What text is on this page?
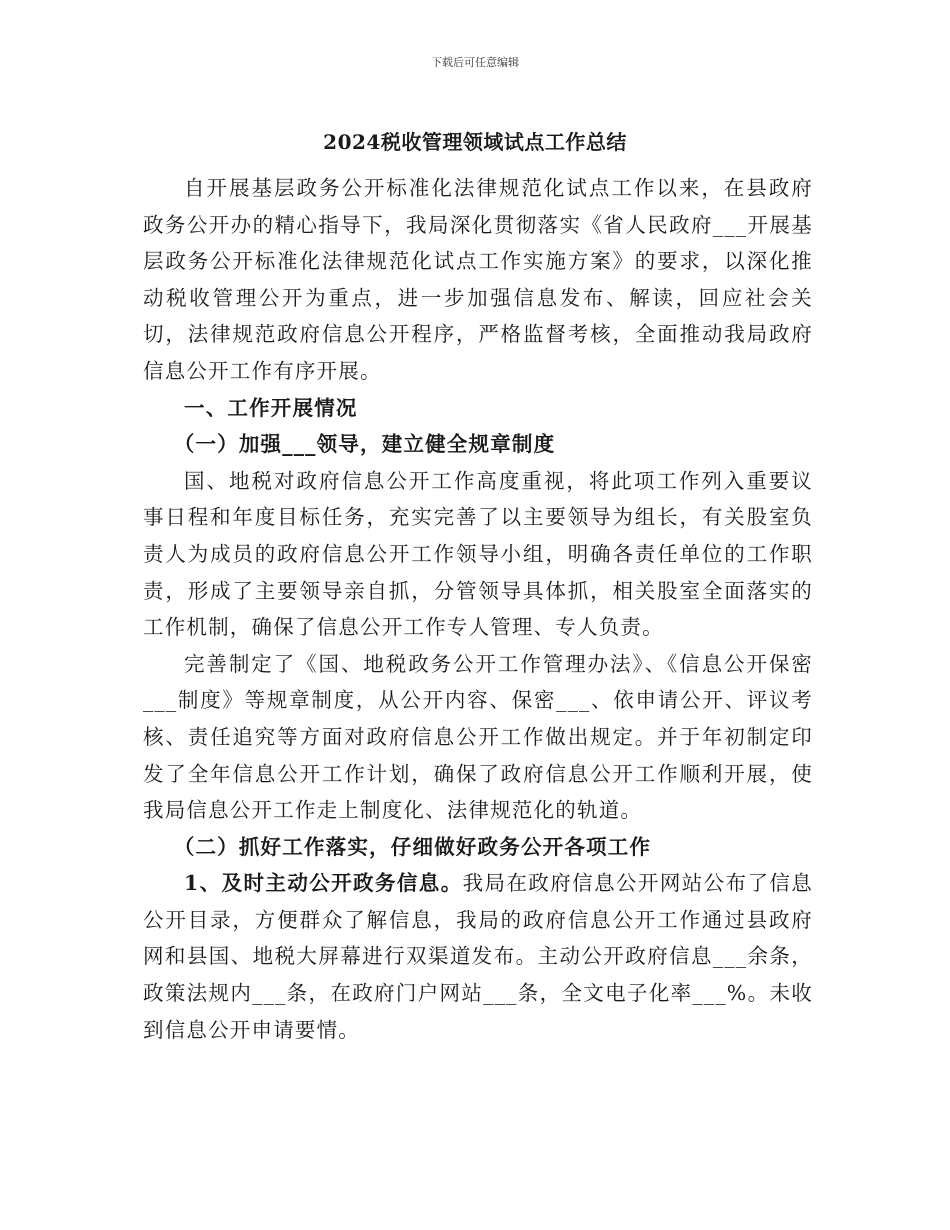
下载后可任意编辑
2024税收管理领域试点工作总结

自开展基层政务公开标准化法律规范化试点工作以来，在县政府政务公开办的精心指导下，我局深化贯彻落实《省人民政府___开展基层政务公开标准化法律规范化试点工作实施方案》的要求，以深化推动税收管理公开为重点，进一步加强信息发布、解读，回应社会关切，法律规范政府信息公开程序，严格监督考核，全面推动我局政府信息公开工作有序开展。

一、工作开展情况

（一）加强___领导，建立健全规章制度

国、地税对政府信息公开工作高度重视，将此项工作列入重要议事日程和年度目标任务，充实完善了以主要领导为组长，有关股室负责人为成员的政府信息公开工作领导小组，明确各责任单位的工作职责，形成了主要领导亲自抓，分管领导具体抓，相关股室全面落实的工作机制，确保了信息公开工作专人管理、专人负责。

完善制定了《国、地税政务公开工作管理办法》、《信息公开保密___制度》等规章制度，从公开内容、保密___、依申请公开、评议考核、责任追究等方面对政府信息公开工作做出规定。并于年初制定印发了全年信息公开工作计划，确保了政府信息公开工作顺利开展，使我局信息公开工作走上制度化、法律规范化的轨道。

（二）抓好工作落实，仔细做好政务公开各项工作

1、及时主动公开政务信息。我局在政府信息公开网站公布了信息公开目录，方便群众了解信息，我局的政府信息公开工作通过县政府网和县国、地税大屏幕进行双渠道发布。主动公开政府信息___余条，政策法规内___条，在政府门户网站___条，全文电子化率___%。未收到信息公开申请要情。
